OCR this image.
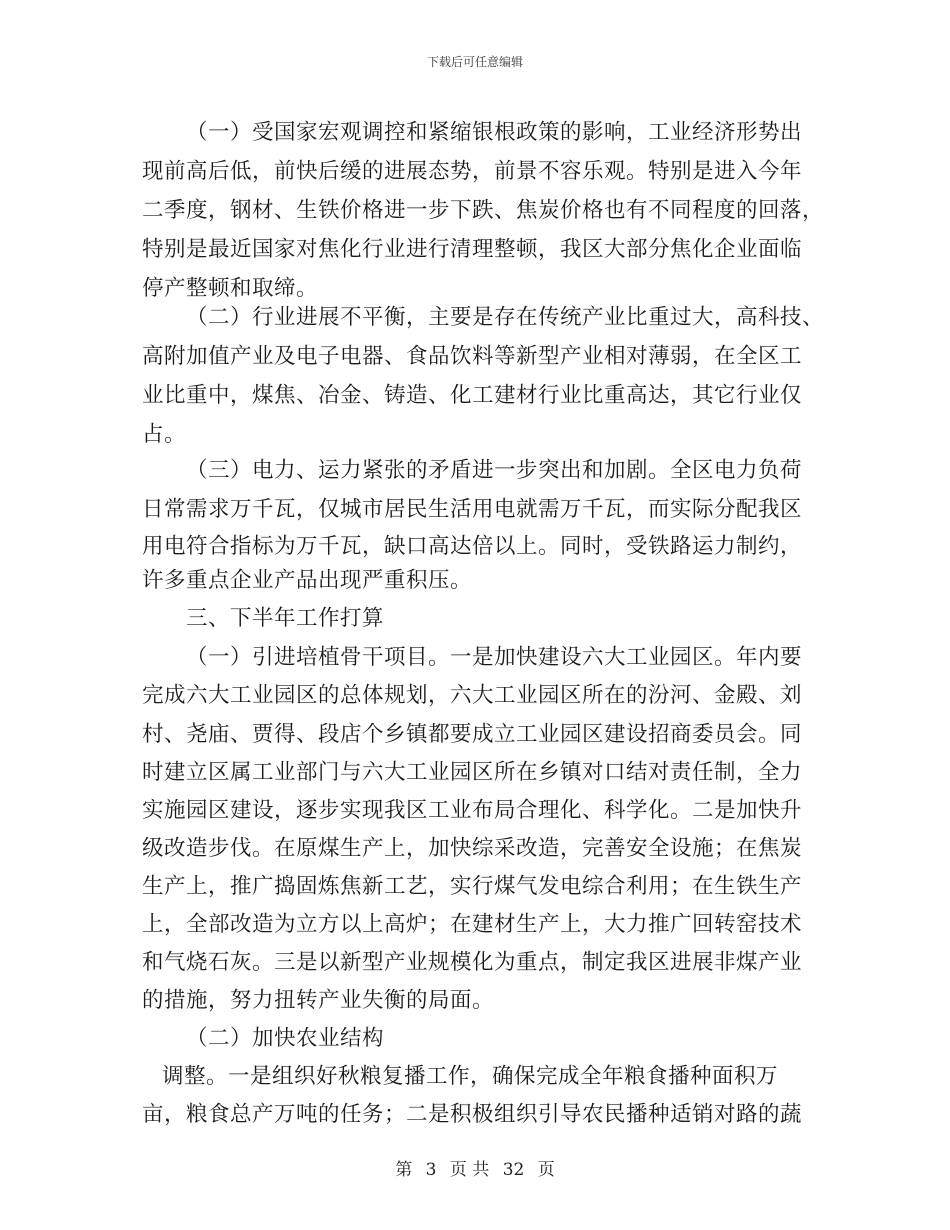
下载后可任意编辑
（一）受国家宏观调控和紧缩银根政策的影响，工业经济形势出
现前高后低，前快后缓的进展态势，前景不容乐观。特别是进入今年
二季度，钢材、生铁价格进一步下跌、焦炭价格也有不同程度的回落，
特别是最近国家对焦化行业进行清理整顿，我区大部分焦化企业面临
停产整顿和取缔。
（二）行业进展不平衡，主要是存在传统产业比重过大，高科技、
高附加值产业及电子电器、食品饮料等新型产业相对薄弱，在全区工
业比重中，煤焦、冶金、铸造、化工建材行业比重高达，其它行业仅
占。
（三）电力、运力紧张的矛盾进一步突出和加剧。全区电力负荷
日常需求万千瓦，仅城市居民生活用电就需万千瓦，而实际分配我区
用电符合指标为万千瓦，缺口高达倍以上。同时，受铁路运力制约，
许多重点企业产品出现严重积压。
三、下半年工作打算
（一）引进培植骨干项目。一是加快建设六大工业园区。年内要
完成六大工业园区的总体规划，六大工业园区所在的汾河、金殿、刘
村、尧庙、贾得、段店个乡镇都要成立工业园区建设招商委员会。同
时建立区属工业部门与六大工业园区所在乡镇对口结对责任制，全力
实施园区建设，逐步实现我区工业布局合理化、科学化。二是加快升
级改造步伐。在原煤生产上，加快综采改造，完善安全设施；在焦炭
生产上，推广捣固炼焦新工艺，实行煤气发电综合利用；在生铁生产
上，全部改造为立方以上高炉；在建材生产上，大力推广回转窑技术
和气烧石灰。三是以新型产业规模化为重点，制定我区进展非煤产业
的措施，努力扭转产业失衡的局面。
（二）加快农业结构
调整。一是组织好秋粮复播工作，确保完成全年粮食播种面积万
亩，粮食总产万吨的任务；二是积极组织引导农民播种适销对路的蔬
第 3 页 共 32 页
